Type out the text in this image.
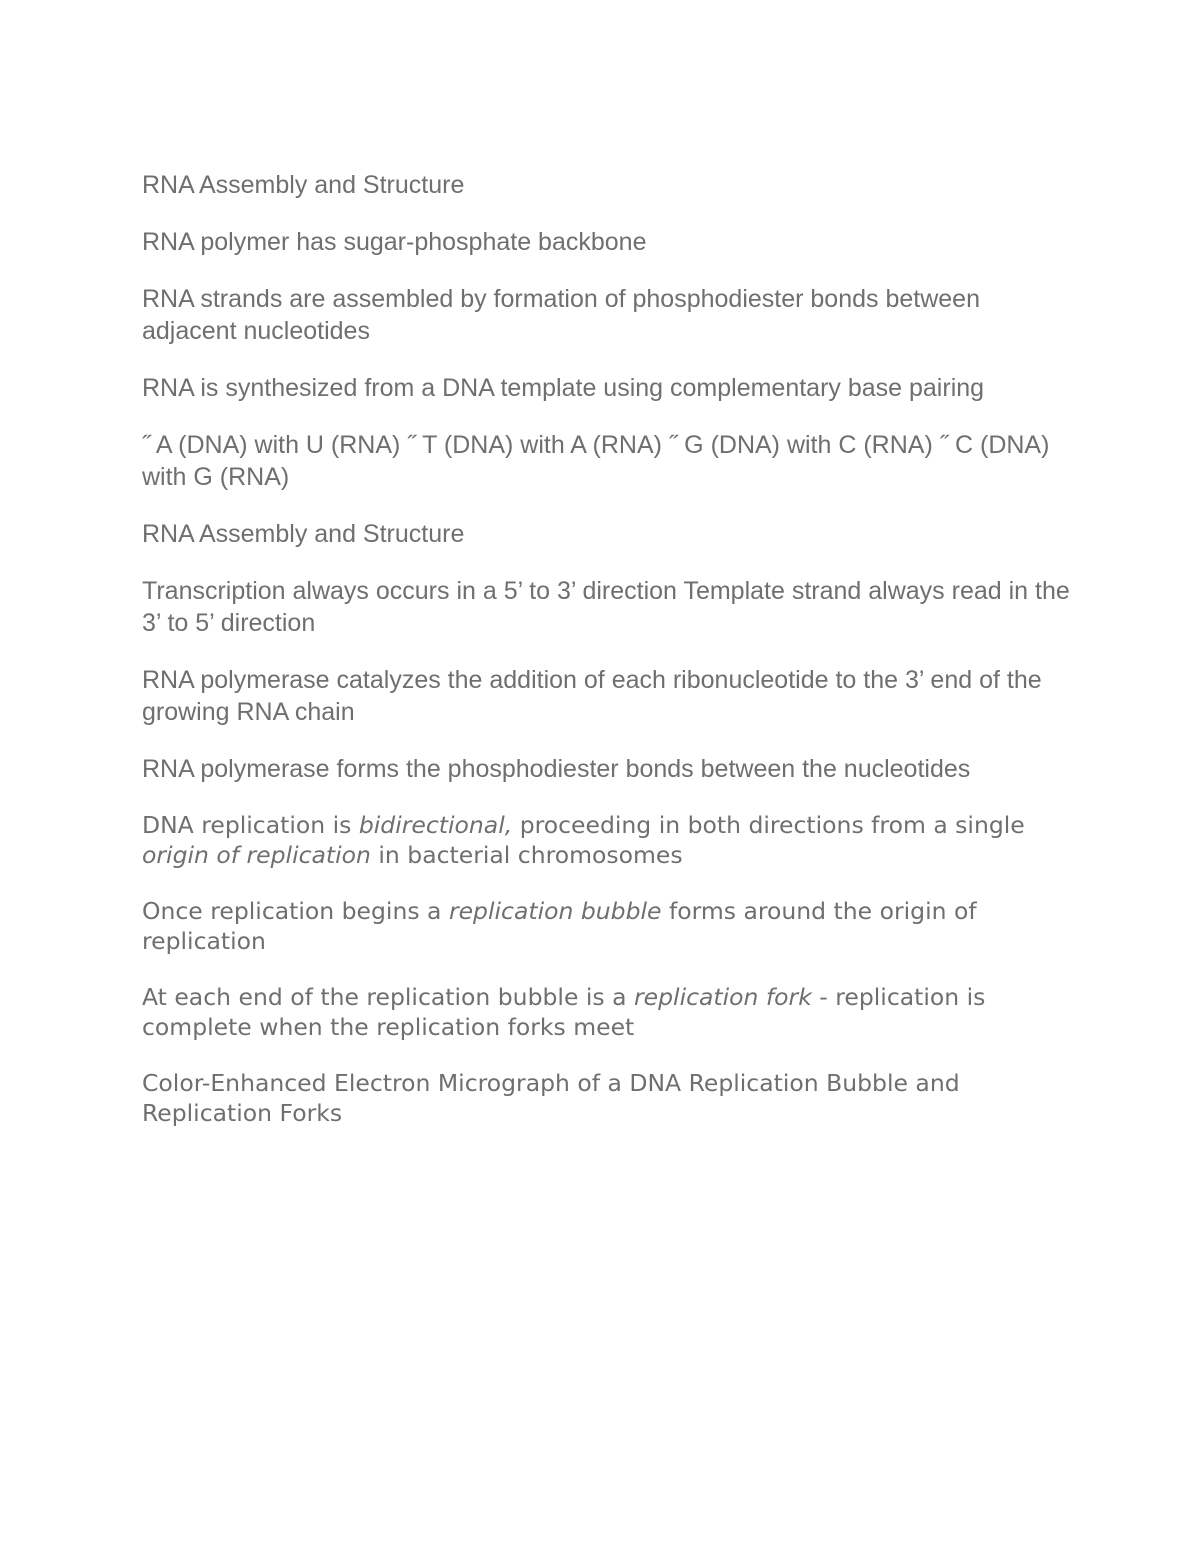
RNA Assembly and Structure

RNA polymer has sugar-phosphate backbone

RNA strands are assembled by formation of phosphodiester bonds between adjacent nucleotides

RNA is synthesized from a DNA template using complementary base pairing

˝ A (DNA) with U (RNA) ˝ T (DNA) with A (RNA) ˝ G (DNA) with C (RNA) ˝ C (DNA) with G (RNA)

RNA Assembly and Structure

Transcription always occurs in a 5’ to 3’ direction Template strand always read in the 3’ to 5’ direction

RNA polymerase catalyzes the addition of each ribonucleotide to the 3’ end of the growing RNA chain

RNA polymerase forms the phosphodiester bonds between the nucleotides

DNA replication is bidirectional, proceeding in both directions from a single origin of replication in bacterial chromosomes

Once replication begins a replication bubble forms around the origin of replication

At each end of the replication bubble is a replication fork - replication is complete when the replication forks meet

Color-Enhanced Electron Micrograph of a DNA Replication Bubble and Replication Forks
